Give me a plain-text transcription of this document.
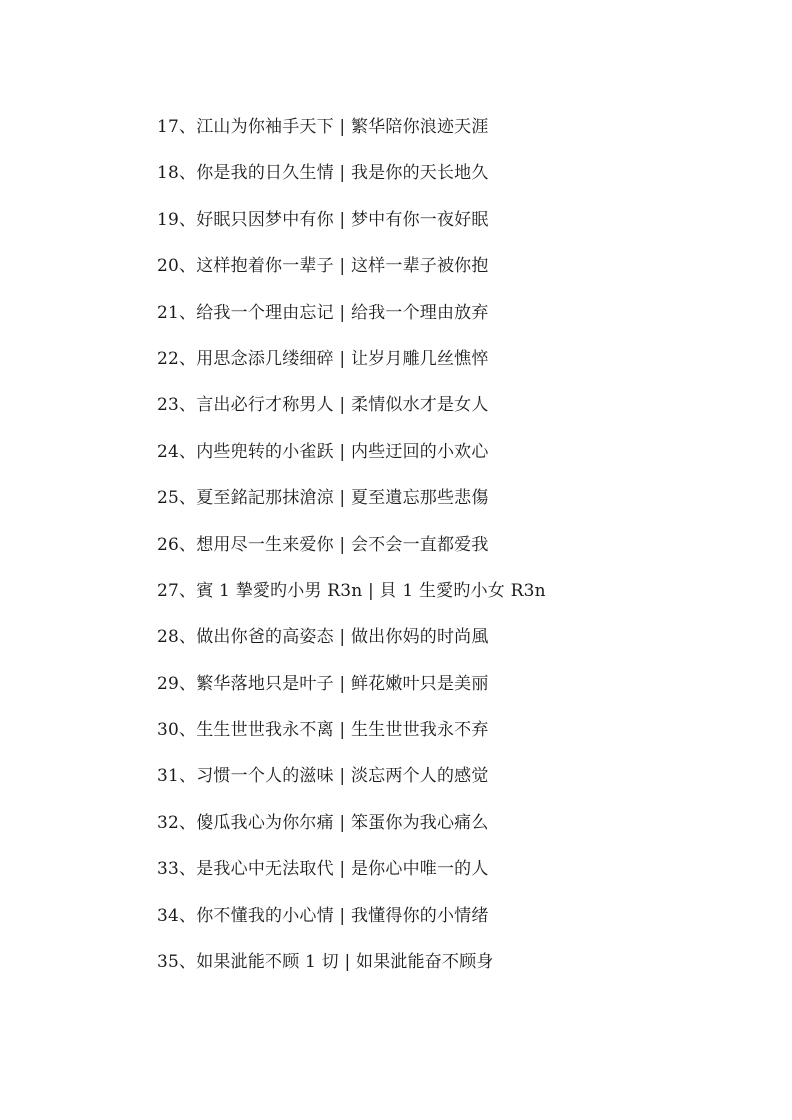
17、江山为你袖手天下 | 繁华陪你浪迹天涯
18、你是我的日久生情 | 我是你的天长地久
19、好眠只因梦中有你 | 梦中有你一夜好眠
20、这样抱着你一辈子 | 这样一辈子被你抱
21、给我一个理由忘记 | 给我一个理由放弃
22、用思念添几缕细碎 | 让岁月雕几丝憔悴
23、言出必行才称男人 | 柔情似水才是女人
24、内些兜转的小雀跃 | 内些迂回的小欢心
25、夏至銘記那抹滄涼 | 夏至遺忘那些悲傷
26、想用尽一生来爱你 | 会不会一直都爱我
27、賓 1 摯愛旳小男 R3n | 貝 1 生愛旳小女 R3n
28、做出你爸的高姿态 | 做出你妈的时尚風
29、繁华落地只是叶子 | 鲜花嫩叶只是美丽
30、生生世世我永不离 | 生生世世我永不弃
31、习惯一个人的滋味 | 淡忘两个人的感觉
32、傻瓜我心为你尔痛 | 笨蛋你为我心痛么
33、是我心中无法取代 | 是你心中唯一的人
34、你不懂我的小心情 | 我懂得你的小情绪
35、如果泚能不顾 1 切 | 如果泚能奋不顾身
